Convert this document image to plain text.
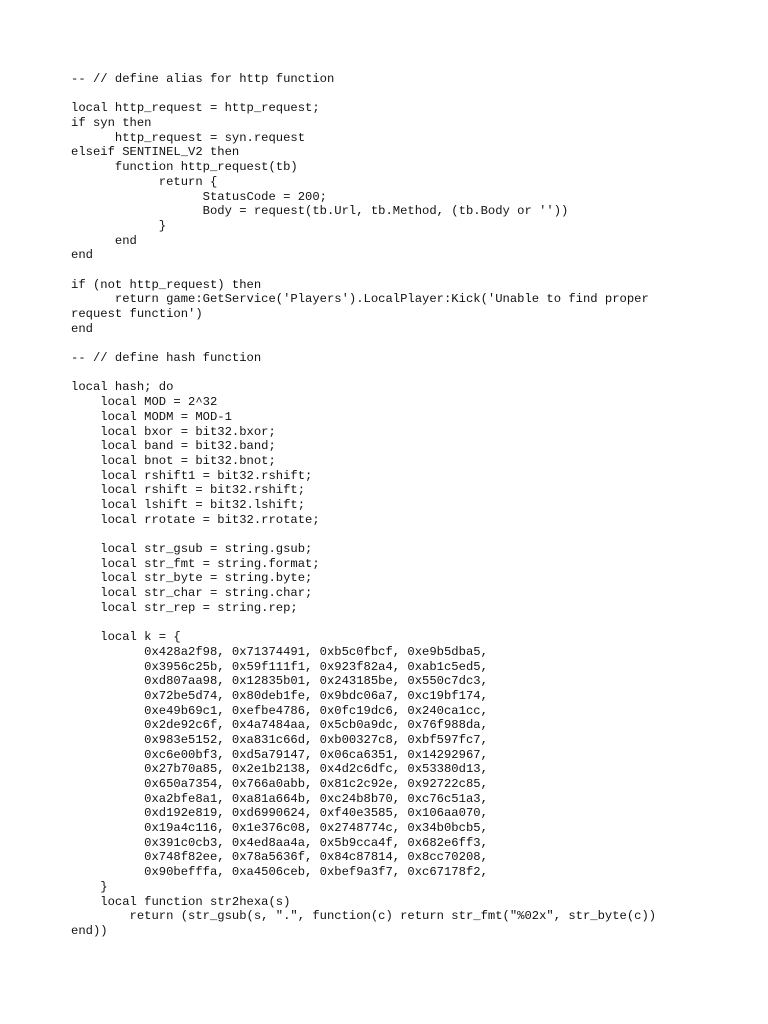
-- // define alias for http function
local http_request = http_request;
if syn then
http_request = syn.request
elseif SENTINEL_V2 then
function http_request(tb)
return {
StatusCode = 200;
Body = request(tb.Url, tb.Method, (tb.Body or ''))
}
end
end
if (not http_request) then
return game:GetService('Players').LocalPlayer:Kick('Unable to find proper
request function')
end
-- // define hash function
local hash; do
local MOD = 2^32
local MODM = MOD-1
local bxor = bit32.bxor;
local band = bit32.band;
local bnot = bit32.bnot;
local rshift1 = bit32.rshift;
local rshift = bit32.rshift;
local lshift = bit32.lshift;
local rrotate = bit32.rrotate;
local str_gsub = string.gsub;
local str_fmt = string.format;
local str_byte = string.byte;
local str_char = string.char;
local str_rep = string.rep;
local k = {
0x428a2f98, 0x71374491, 0xb5c0fbcf, 0xe9b5dba5,
0x3956c25b, 0x59f111f1, 0x923f82a4, 0xab1c5ed5,
0xd807aa98, 0x12835b01, 0x243185be, 0x550c7dc3,
0x72be5d74, 0x80deb1fe, 0x9bdc06a7, 0xc19bf174,
0xe49b69c1, 0xefbe4786, 0x0fc19dc6, 0x240ca1cc,
0x2de92c6f, 0x4a7484aa, 0x5cb0a9dc, 0x76f988da,
0x983e5152, 0xa831c66d, 0xb00327c8, 0xbf597fc7,
0xc6e00bf3, 0xd5a79147, 0x06ca6351, 0x14292967,
0x27b70a85, 0x2e1b2138, 0x4d2c6dfc, 0x53380d13,
0x650a7354, 0x766a0abb, 0x81c2c92e, 0x92722c85,
0xa2bfe8a1, 0xa81a664b, 0xc24b8b70, 0xc76c51a3,
0xd192e819, 0xd6990624, 0xf40e3585, 0x106aa070,
0x19a4c116, 0x1e376c08, 0x2748774c, 0x34b0bcb5,
0x391c0cb3, 0x4ed8aa4a, 0x5b9cca4f, 0x682e6ff3,
0x748f82ee, 0x78a5636f, 0x84c87814, 0x8cc70208,
0x90befffa, 0xa4506ceb, 0xbef9a3f7, 0xc67178f2,
}
local function str2hexa(s)
return (str_gsub(s, ".", function(c) return str_fmt("%02x", str_byte(c))
end))
